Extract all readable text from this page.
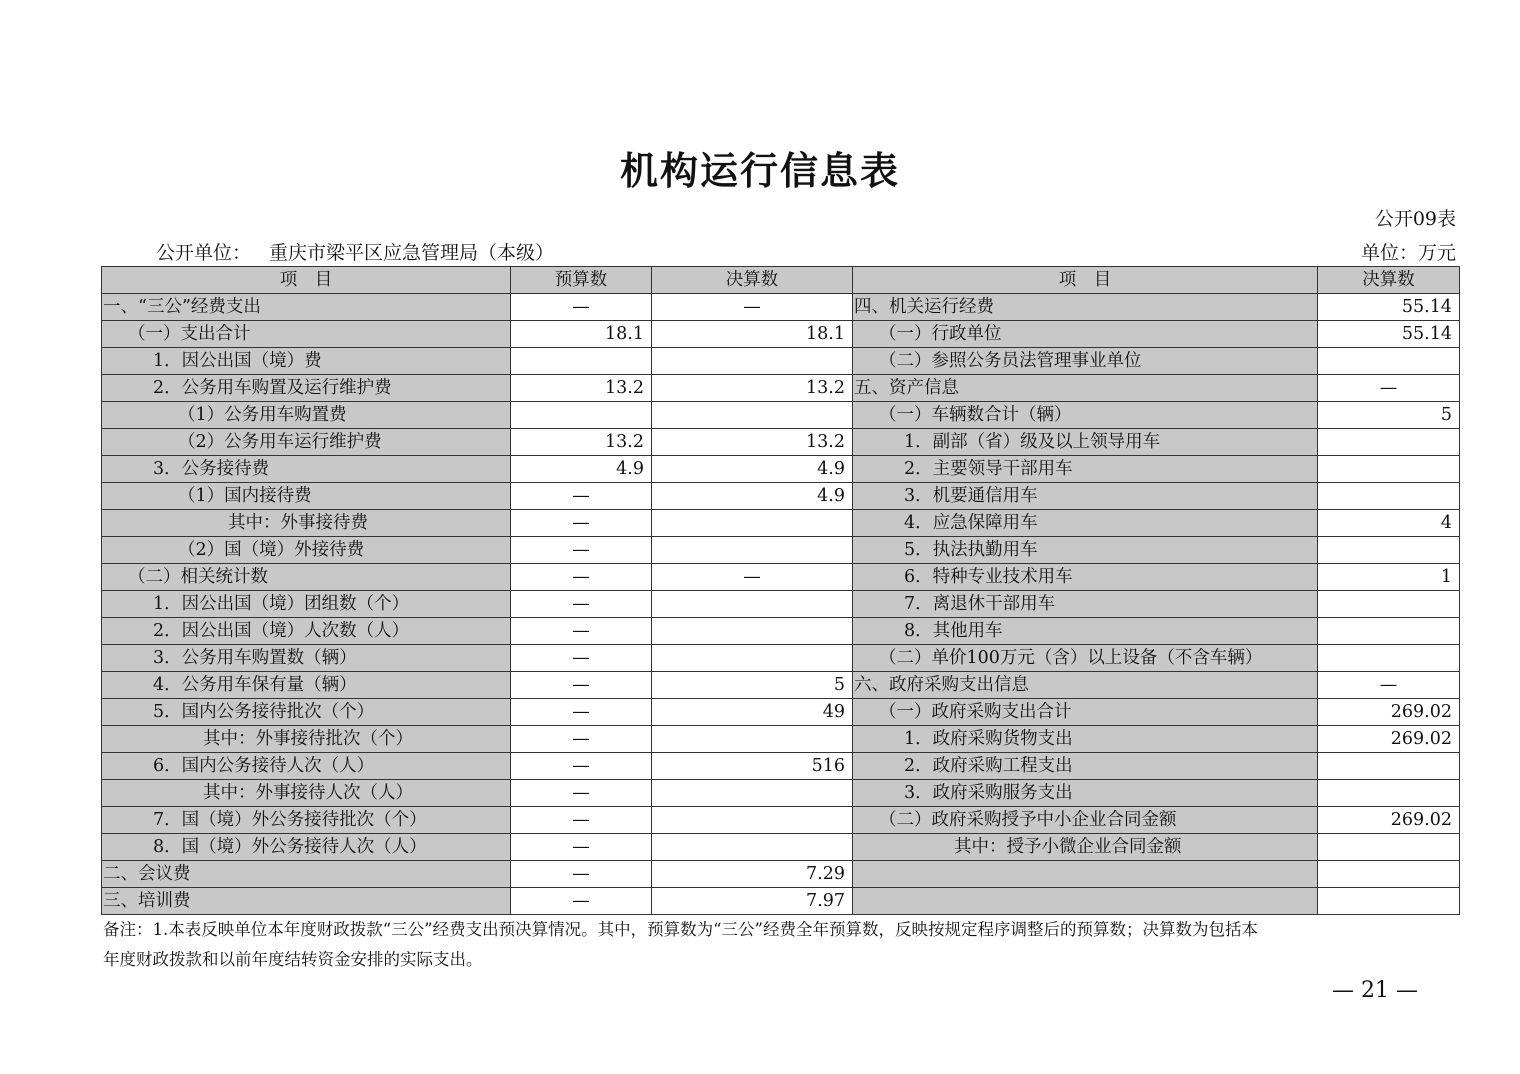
机构运行信息表
公开09表
公开单位： 重庆市梁平区应急管理局（本级）	单位：万元
项　目	预算数	决算数	项　目	决算数
一、“三公”经费支出	—	—	四、机关运行经费	55.14
（一）支出合计	18.1	18.1	（一）行政单位	55.14
1．因公出国（境）费			（二）参照公务员法管理事业单位	
2．公务用车购置及运行维护费	13.2	13.2	五、资产信息	—
（1）公务用车购置费			（一）车辆数合计（辆）	5
（2）公务用车运行维护费	13.2	13.2	1．副部（省）级及以上领导用车	
3．公务接待费	4.9	4.9	2．主要领导干部用车	
（1）国内接待费	—	4.9	3．机要通信用车	
其中：外事接待费	—		4．应急保障用车	4
（2）国（境）外接待费	—		5．执法执勤用车	
（二）相关统计数	—	—	6．特种专业技术用车	1
1．因公出国（境）团组数（个）	—		7．离退休干部用车	
2．因公出国（境）人次数（人）	—		8．其他用车	
3．公务用车购置数（辆）	—		（二）单价100万元（含）以上设备（不含车辆）	
4．公务用车保有量（辆）	—	5	六、政府采购支出信息	—
5．国内公务接待批次（个）	—	49	（一）政府采购支出合计	269.02
其中：外事接待批次（个）	—		1．政府采购货物支出	269.02
6．国内公务接待人次（人）	—	516	2．政府采购工程支出	
其中：外事接待人次（人）	—		3．政府采购服务支出	
7．国（境）外公务接待批次（个）	—		（二）政府采购授予中小企业合同金额	269.02
8．国（境）外公务接待人次（人）	—		其中：授予小微企业合同金额	
二、会议费	—	7.29		
三、培训费	—	7.97		
备注：1.本表反映单位本年度财政拨款“三公”经费支出预决算情况。其中，预算数为“三公”经费全年预算数，反映按规定程序调整后的预算数；决算数为包括本
年度财政拨款和以前年度结转资金安排的实际支出。
— 21 —
